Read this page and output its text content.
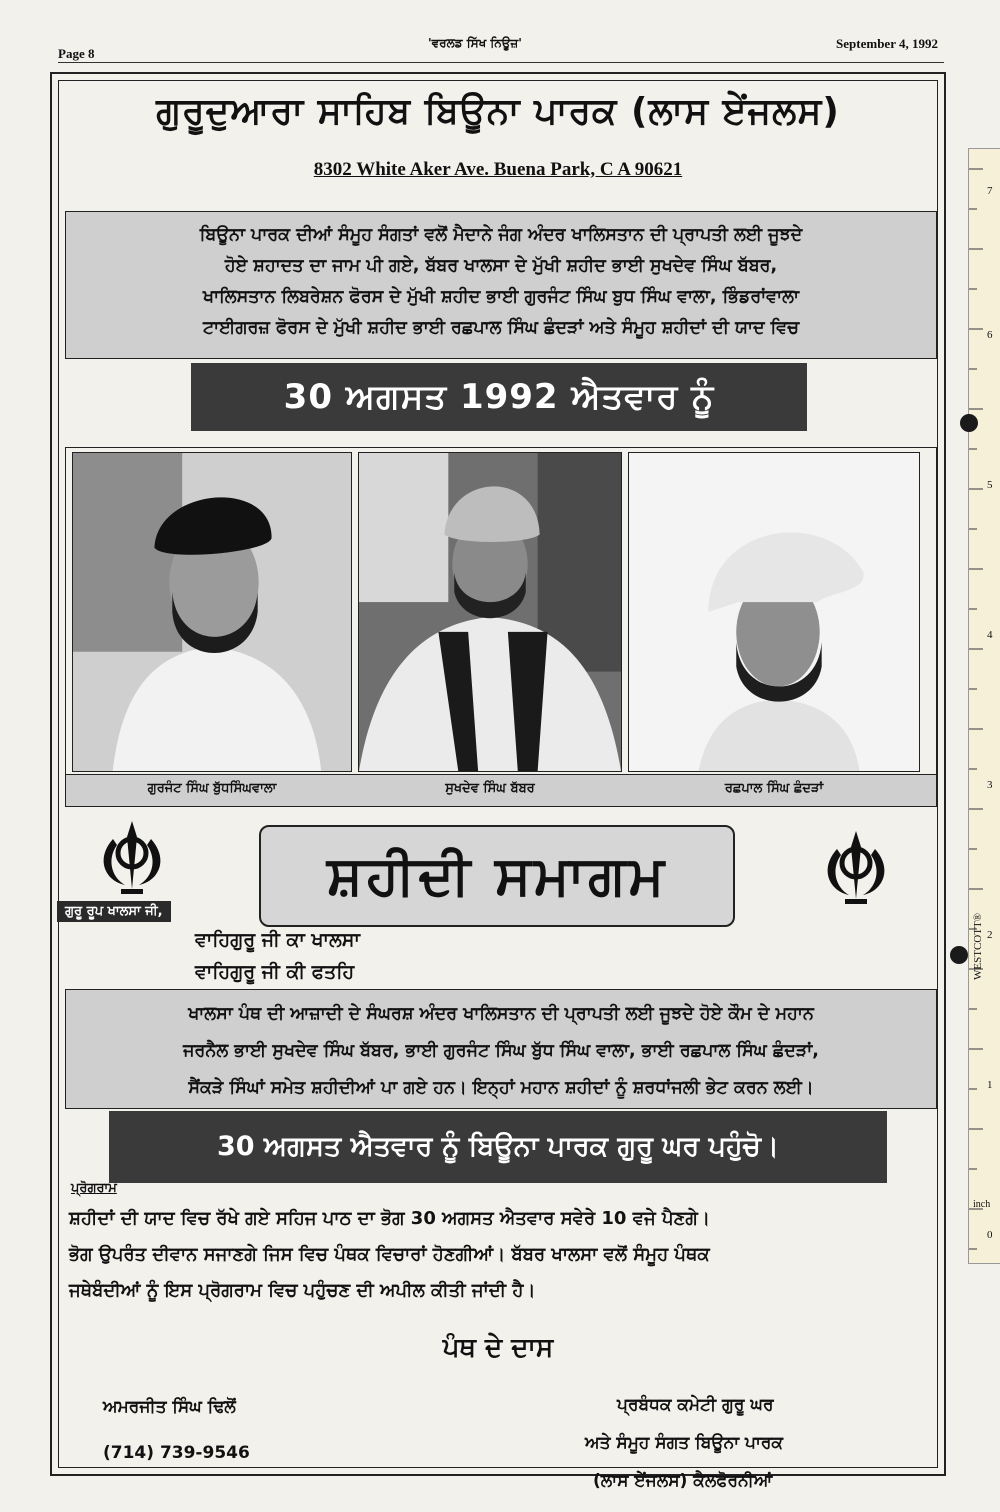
Page 8
'ਵਰਲਡ ਸਿੱਖ ਨਿਊਜ਼'	September 4, 1992
ਗੁਰੂਦੁਆਰਾ ਸਾਹਿਬ ਬਿਊਨਾ ਪਾਰਕ (ਲਾਸ ਏਂਜਲਸ)
8302 White Aker Ave. Buena Park, C A 90621
ਬਿਊਨਾ ਪਾਰਕ ਦੀਆਂ ਸੰਮੂਹ ਸੰਗਤਾਂ ਵਲੋਂ ਮੈਦਾਨੇ ਜੰਗ ਅੰਦਰ ਖਾਲਿਸਤਾਨ ਦੀ ਪ੍ਰਾਪਤੀ ਲਈ ਜੂਝਦੇ
ਹੋਏ ਸ਼ਹਾਦਤ ਦਾ ਜਾਮ ਪੀ ਗਏ, ਬੱਬਰ ਖਾਲਸਾ ਦੇ ਮੁੱਖੀ ਸ਼ਹੀਦ ਭਾਈ ਸੁਖਦੇਵ ਸਿੰਘ ਬੱਬਰ,
ਖਾਲਿਸਤਾਨ ਲਿਬਰੇਸ਼ਨ ਫੋਰਸ ਦੇ ਮੁੱਖੀ ਸ਼ਹੀਦ ਭਾਈ ਗੁਰਜੰਟ ਸਿੰਘ ਬੁਧ ਸਿੰਘ ਵਾਲਾ, ਭਿੰਡਰਾਂਵਾਲਾ
ਟਾਈਗਰਜ਼ ਫੋਰਸ ਦੇ ਮੁੱਖੀ ਸ਼ਹੀਦ ਭਾਈ ਰਛਪਾਲ ਸਿੰਘ ਛੰਦੜਾਂ ਅਤੇ ਸੰਮੂਹ ਸ਼ਹੀਦਾਂ ਦੀ ਯਾਦ ਵਿਚ
30 ਅਗਸਤ 1992 ਐਤਵਾਰ ਨੂੰ
ਗੁਰਜੰਟ ਸਿੰਘ ਬੁੱਧਸਿੰਘਵਾਲਾ	ਸੁਖਦੇਵ ਸਿੰਘ ਬੱਬਰ	ਰਛਪਾਲ ਸਿੰਘ ਛੰਦੜਾਂ
ਸ਼ਹੀਦੀ ਸਮਾਗਮ
ਗੁਰੂ ਰੂਪ ਖਾਲਸਾ ਜੀ,
ਵਾਹਿਗੁਰੂ ਜੀ ਕਾ ਖਾਲਸਾ
ਵਾਹਿਗੁਰੂ ਜੀ ਕੀ ਫਤਹਿ
ਖਾਲਸਾ ਪੰਥ ਦੀ ਆਜ਼ਾਦੀ ਦੇ ਸੰਘਰਸ਼ ਅੰਦਰ ਖਾਲਿਸਤਾਨ ਦੀ ਪ੍ਰਾਪਤੀ ਲਈ ਜੂਝਦੇ ਹੋਏ ਕੌਮ ਦੇ ਮਹਾਨ
ਜਰਨੈਲ ਭਾਈ ਸੁਖਦੇਵ ਸਿੰਘ ਬੱਬਰ, ਭਾਈ ਗੁਰਜੰਟ ਸਿੰਘ ਬੁੱਧ ਸਿੰਘ ਵਾਲਾ, ਭਾਈ ਰਛਪਾਲ ਸਿੰਘ ਛੰਦੜਾਂ,
ਸੈਂਕੜੇ ਸਿੰਘਾਂ ਸਮੇਤ ਸ਼ਹੀਦੀਆਂ ਪਾ ਗਏ ਹਨ। ਇਨ੍ਹਾਂ ਮਹਾਨ ਸ਼ਹੀਦਾਂ ਨੂੰ ਸ਼ਰਧਾਂਜਲੀ ਭੇਟ ਕਰਨ ਲਈ।
30 ਅਗਸਤ ਐਤਵਾਰ ਨੂੰ ਬਿਊਨਾ ਪਾਰਕ ਗੁਰੂ ਘਰ ਪਹੁੰਚੋ।
ਪ੍ਰੋਗਰਾਮ
ਸ਼ਹੀਦਾਂ ਦੀ ਯਾਦ ਵਿਚ ਰੱਖੇ ਗਏ ਸਹਿਜ ਪਾਠ ਦਾ ਭੋਗ 30 ਅਗਸਤ ਐਤਵਾਰ ਸਵੇਰੇ 10 ਵਜੇ ਪੈਣਗੇ।
ਭੋਗ ਉਪਰੰਤ ਦੀਵਾਨ ਸਜਾਣਗੇ ਜਿਸ ਵਿਚ ਪੰਥਕ ਵਿਚਾਰਾਂ ਹੋਣਗੀਆਂ। ਬੱਬਰ ਖਾਲਸਾ ਵਲੋਂ ਸੰਮੂਹ ਪੰਥਕ
ਜਥੇਬੰਦੀਆਂ ਨੂੰ ਇਸ ਪ੍ਰੋਗਰਾਮ ਵਿਚ ਪਹੁੰਚਣ ਦੀ ਅਪੀਲ ਕੀਤੀ ਜਾਂਦੀ ਹੈ।
ਪੰਥ ਦੇ ਦਾਸ
ਅਮਰਜੀਤ ਸਿੰਘ ਢਿਲੋਂ
(714) 739-9546
ਪ੍ਰਬੰਧਕ ਕਮੇਟੀ ਗੁਰੂ ਘਰ
ਅਤੇ ਸੰਮੂਹ ਸੰਗਤ ਬਿਊਨਾ ਪਾਰਕ
(ਲਾਸ ਏਂਜਲਸ) ਕੈਲਫੋਰਨੀਆਂ
7
6
5
4
3
2
1
0
inch
WESTCOTT®
